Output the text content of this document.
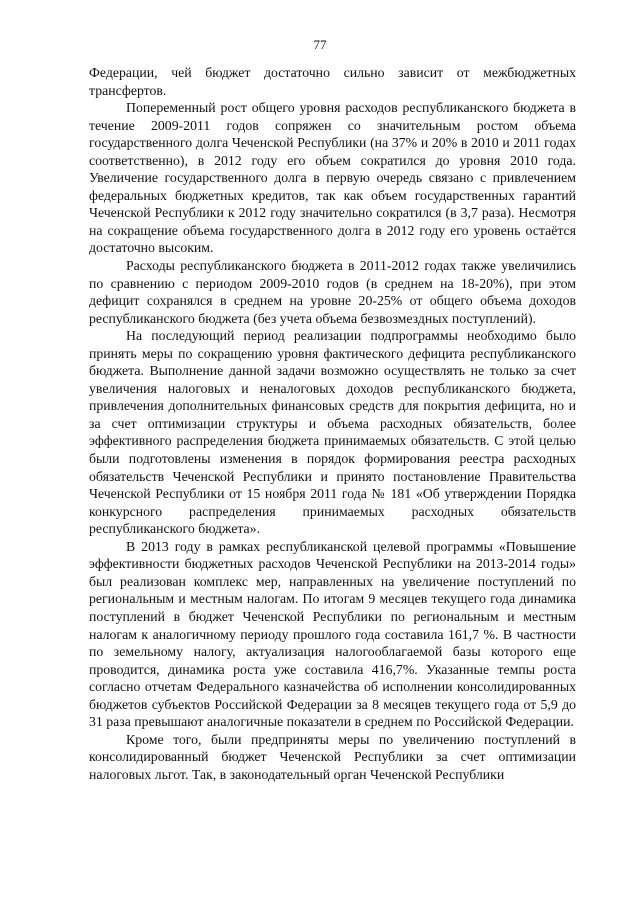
77

Федерации, чей бюджет достаточно сильно зависит от межбюджетных трансфертов.

Попеременный рост общего уровня расходов республиканского бюджета в течение 2009-2011 годов сопряжен со значительным ростом объема государственного долга Чеченской Республики (на 37% и 20% в 2010 и 2011 годах соответственно), в 2012 году его объем сократился до уровня 2010 года. Увеличение государственного долга в первую очередь связано с привлечением федеральных бюджетных кредитов, так как объем государственных гарантий Чеченской Республики к 2012 году значительно сократился (в 3,7 раза). Несмотря на сокращение объема государственного долга в 2012 году его уровень остаётся достаточно высоким.

Расходы республиканского бюджета в 2011-2012 годах также увеличились по сравнению с периодом 2009-2010 годов (в среднем на 18-20%), при этом дефицит сохранялся в среднем на уровне 20-25% от общего объема доходов республиканского бюджета (без учета объема безвозмездных поступлений).

На последующий период реализации подпрограммы необходимо было принять меры по сокращению уровня фактического дефицита республиканского бюджета. Выполнение данной задачи возможно осуществлять не только за счет увеличения налоговых и неналоговых доходов республиканского бюджета, привлечения дополнительных финансовых средств для покрытия дефицита, но и за счет оптимизации структуры и объема расходных обязательств, более эффективного распределения бюджета принимаемых обязательств. С этой целью были подготовлены изменения в порядок формирования реестра расходных обязательств Чеченской Республики и принято постановление Правительства Чеченской Республики от 15 ноября 2011 года № 181 «Об утверждении Порядка конкурсного распределения принимаемых расходных обязательств республиканского бюджета».

В 2013 году в рамках республиканской целевой программы «Повышение эффективности бюджетных расходов Чеченской Республики на 2013-2014 годы» был реализован комплекс мер, направленных на увеличение поступлений по региональным и местным налогам. По итогам 9 месяцев текущего года динамика поступлений в бюджет Чеченской Республики по региональным и местным налогам к аналогичному периоду прошлого года составила 161,7 %. В частности по земельному налогу, актуализация налогооблагаемой базы которого еще проводится, динамика роста уже составила 416,7%. Указанные темпы роста согласно отчетам Федерального казначейства об исполнении консолидированных бюджетов субъектов Российской Федерации за 8 месяцев текущего года от 5,9 до 31 раза превышают аналогичные показатели в среднем по Российской Федерации.

Кроме того, были предприняты меры по увеличению поступлений в консолидированный бюджет Чеченской Республики за счет оптимизации налоговых льгот. Так, в законодательный орган Чеченской Республики
